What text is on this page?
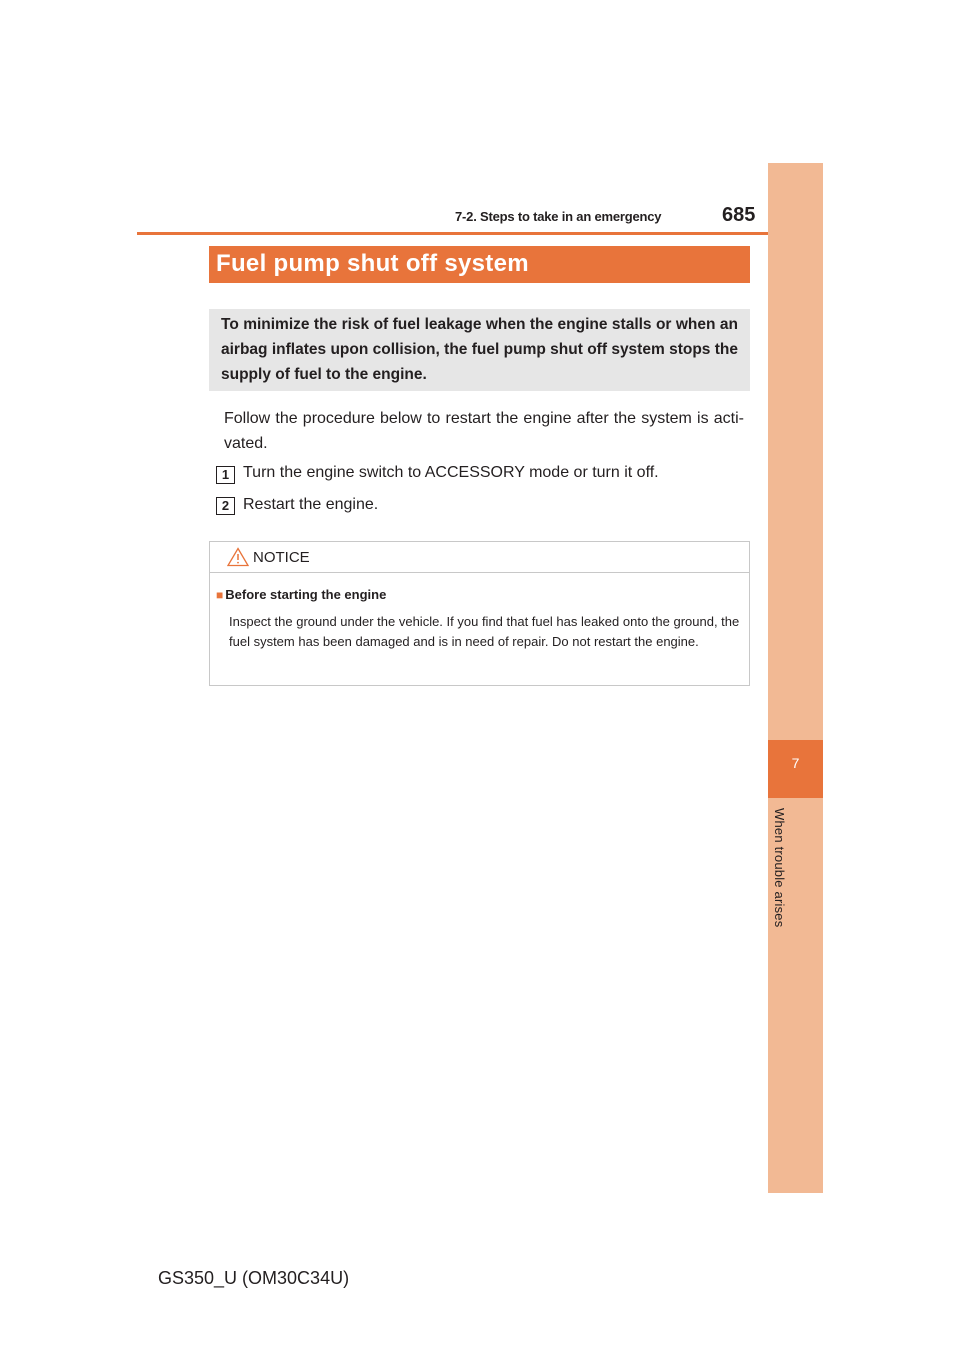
7-2. Steps to take in an emergency	685
7
When trouble arises
Fuel pump shut off system

To minimize the risk of fuel leakage when the engine stalls or when an airbag inflates upon collision, the fuel pump shut off system stops the supply of fuel to the engine.

Follow the procedure below to restart the engine after the system is acti-vated.

1 Turn the engine switch to ACCESSORY mode or turn it off.
2 Restart the engine.
NOTICE
■ Before starting the engine

Inspect the ground under the vehicle. If you find that fuel has leaked onto the ground, the fuel system has been damaged and is in need of repair. Do not restart the engine.

GS350_U (OM30C34U)
